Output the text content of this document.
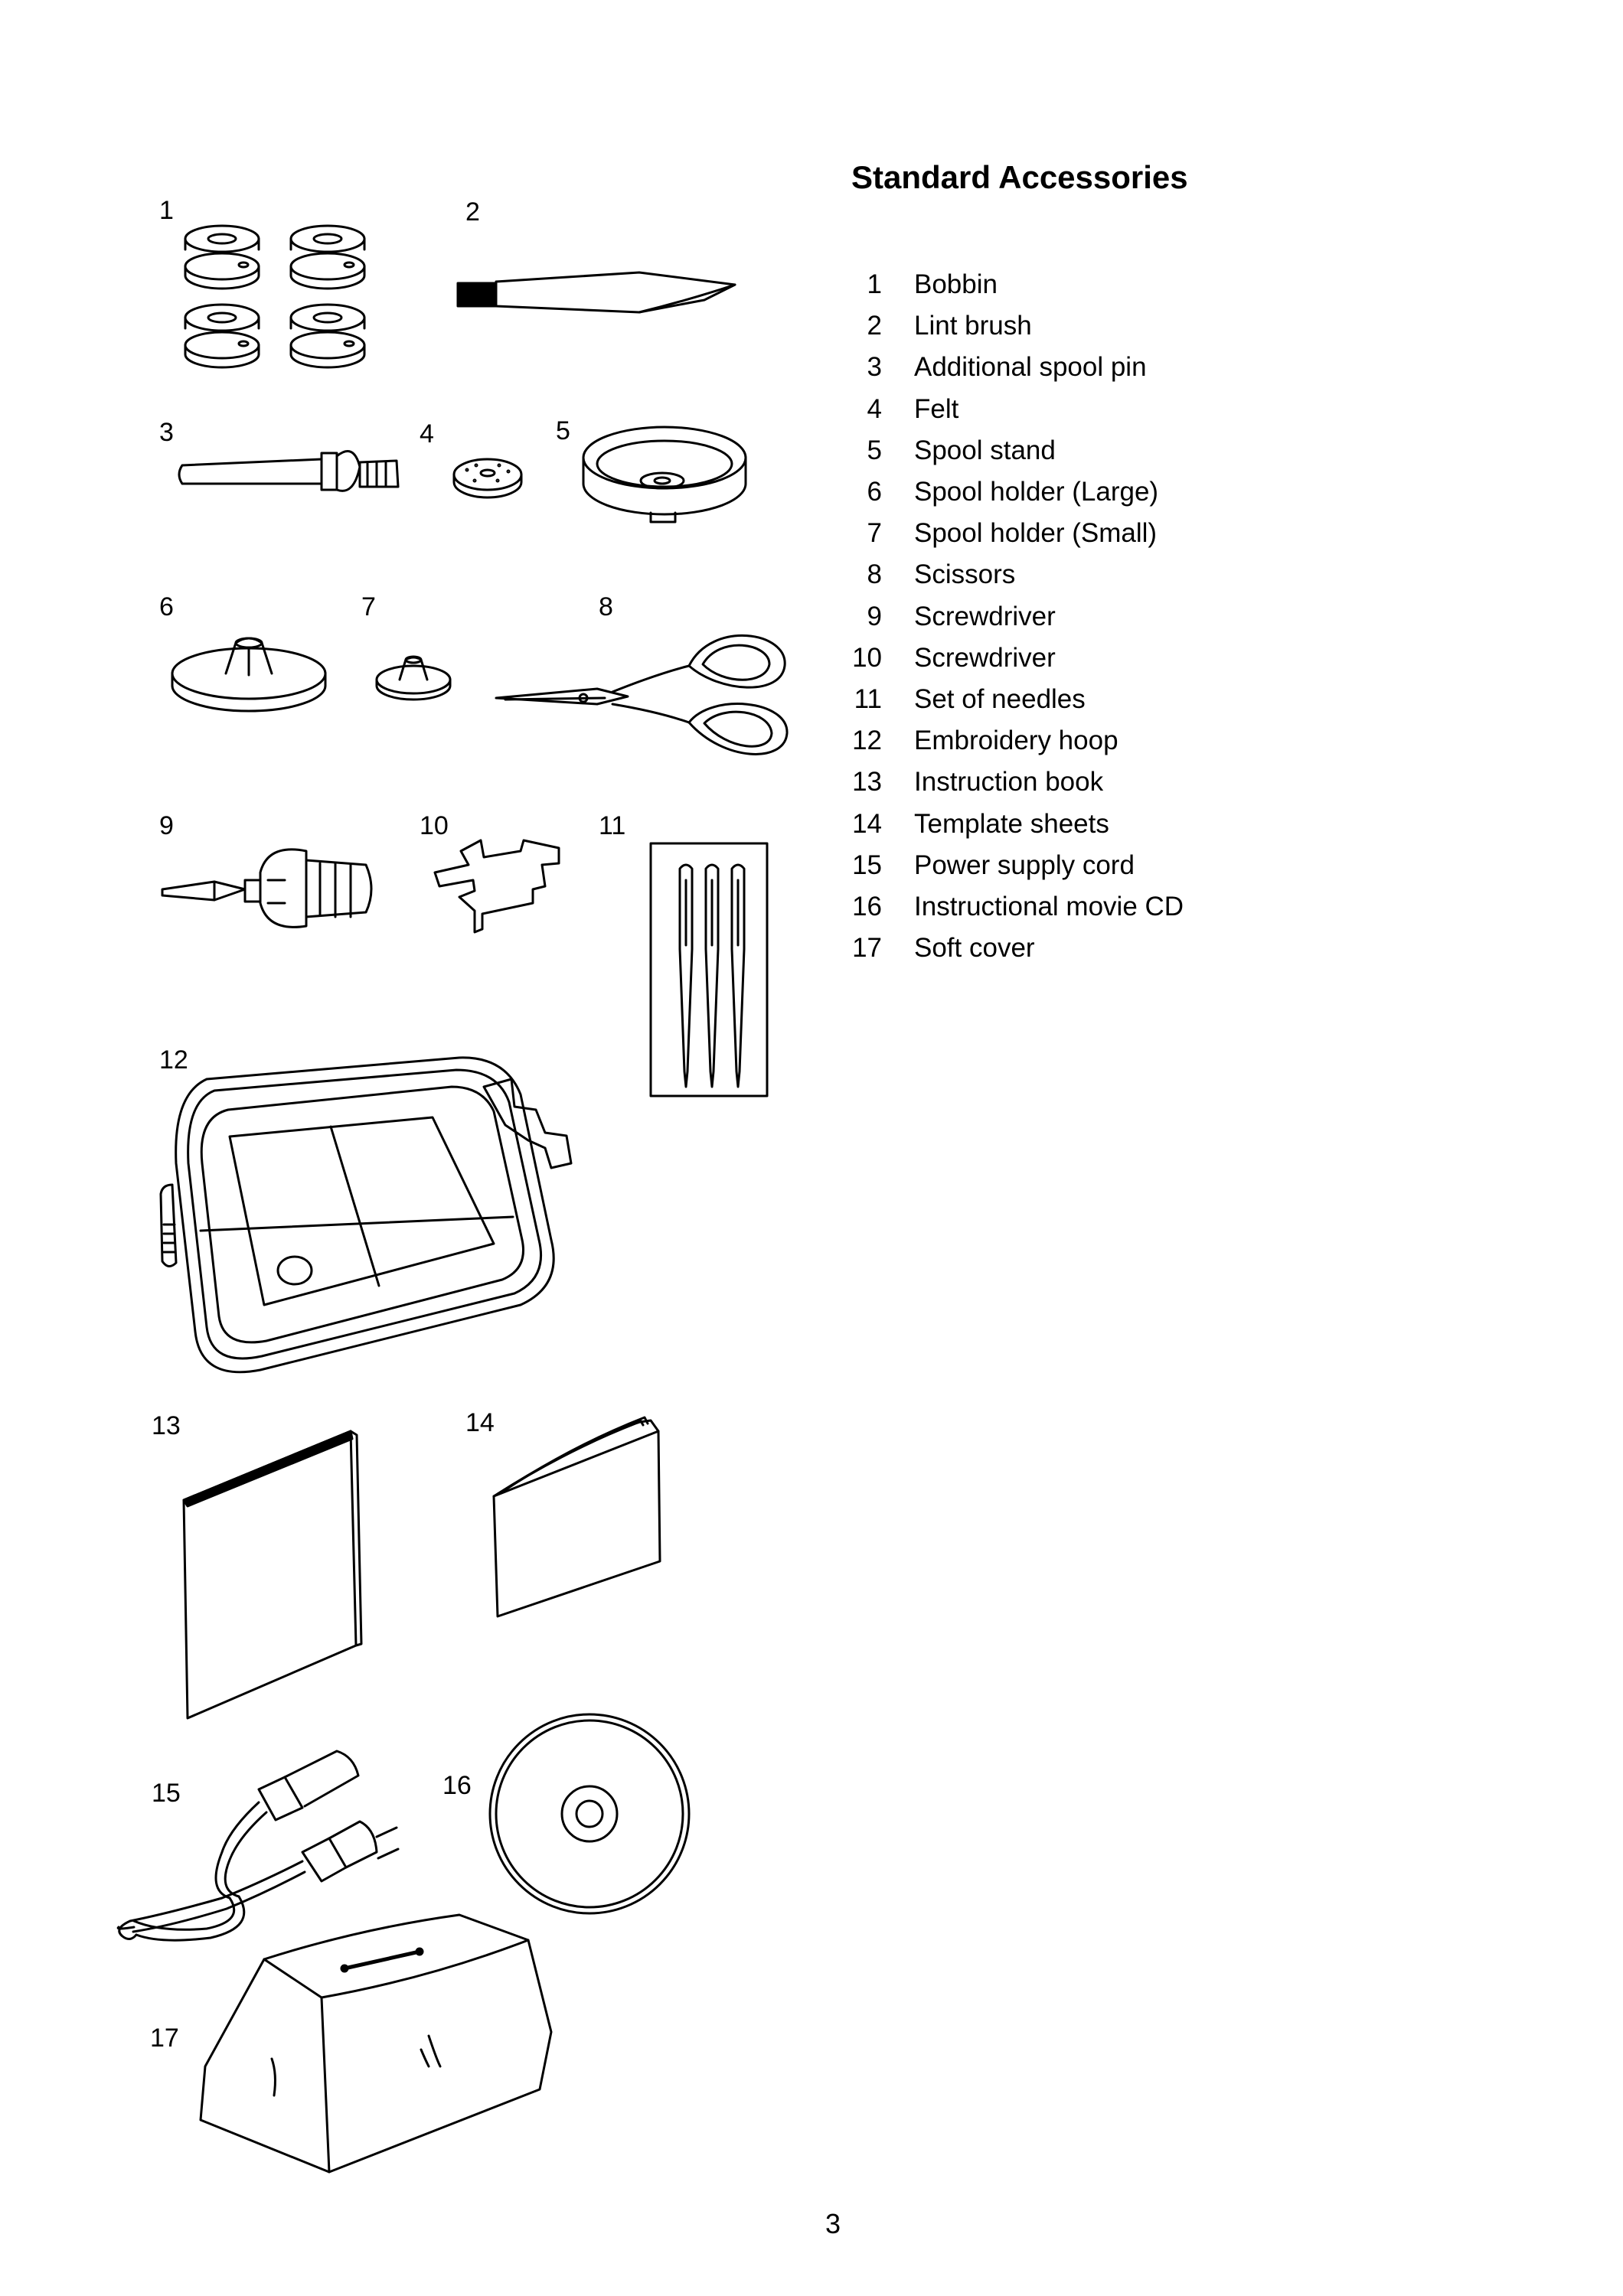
1	2
3	4	5
6	7	8
9	10	11
12
13	14
15	16
17
Standard Accessories
1 Bobbin
2 Lint brush
3 Additional spool pin
4 Felt
5 Spool stand
6 Spool holder (Large)
7 Spool holder (Small)
8 Scissors
9 Screwdriver
10 Screwdriver
11 Set of needles
12 Embroidery hoop
13 Instruction book
14 Template sheets
15 Power supply cord
16 Instructional movie CD
17 Soft cover
3
